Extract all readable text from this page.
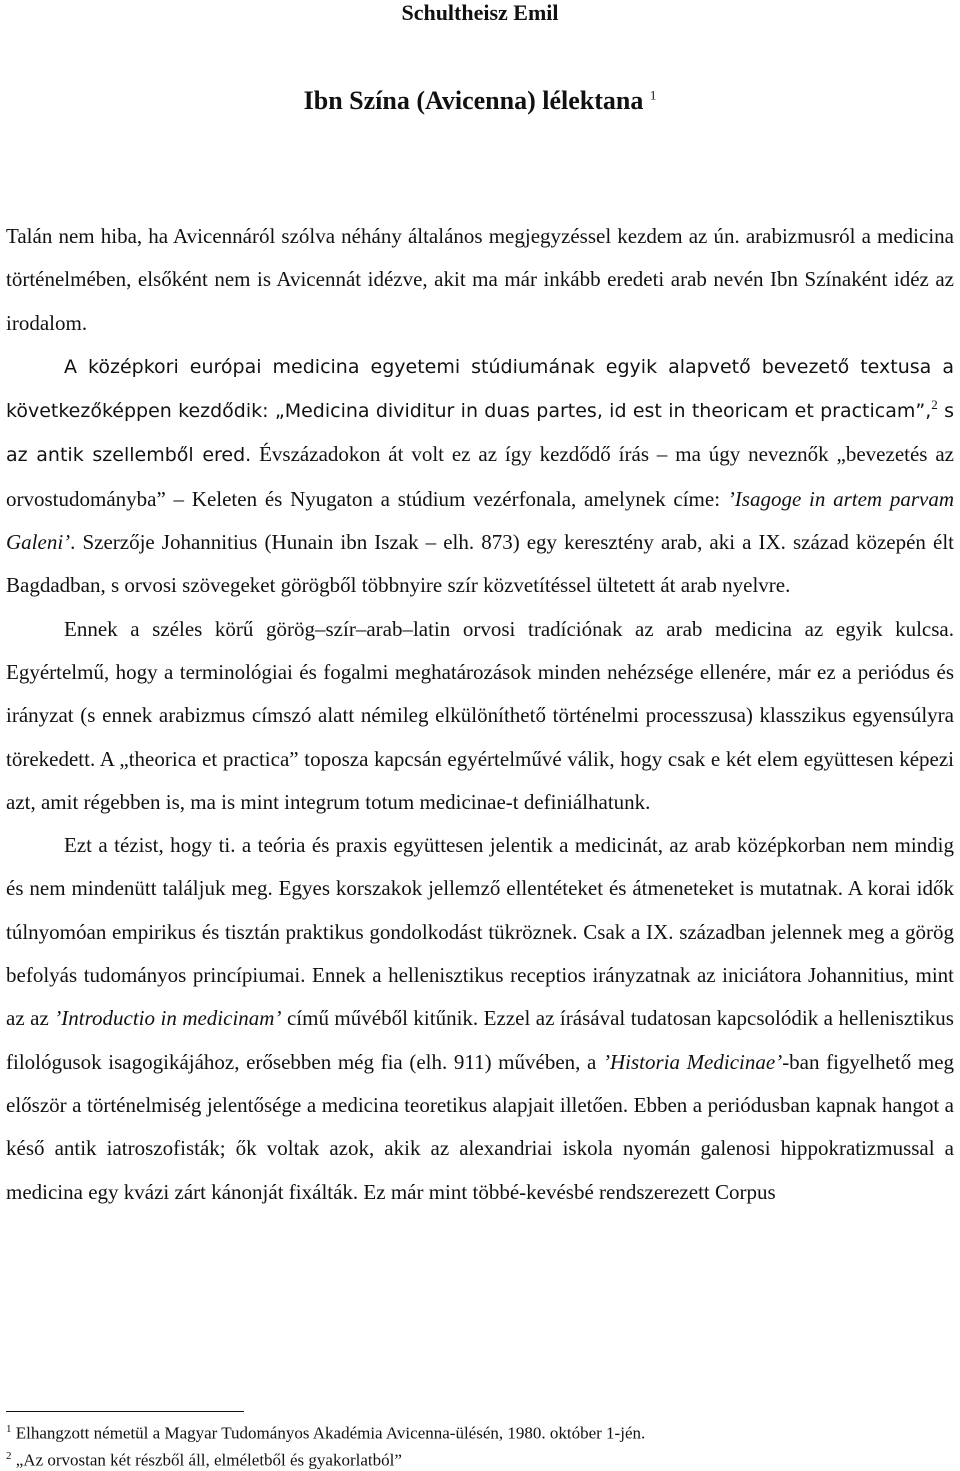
Schultheisz Emil
Ibn Szína (Avicenna) lélektana $^1$

Talán nem hiba, ha Avicennáról szólva néhány általános megjegyzéssel kezdem az ún. arabizmusról a medicina történelmében, elsőként nem is Avicennát idézve, akit ma már inkább eredeti arab nevén Ibn Színaként idéz az irodalom.

A középkori európai medicina egyetemi stúdiumának egyik alapvető bevezető textusa a következőképpen kezdődik: „Medicina dividitur in duas partes, id est in theoricam et practicam”,$^2$ s az antik szellemből ered. Évszázadokon át volt ez az így kezdődő írás – ma úgy neveznők „bevezetés az orvostudományba” – Keleten és Nyugaton a stúdium vezérfonala, amelynek címe: ’Isagoge in artem parvam Galeni’. Szerzője Johannitius (Hunain ibn Iszak – elh. 873) egy keresztény arab, aki a IX. század közepén élt Bagdadban, s orvosi szövegeket görögből többnyire szír közvetítéssel ültetett át arab nyelvre.

Ennek a széles körű görög–szír–arab–latin orvosi tradíciónak az arab medicina az egyik kulcsa. Egyértelmű, hogy a terminológiai és fogalmi meghatározások minden nehézsége ellenére, már ez a periódus és irányzat (s ennek arabizmus címszó alatt némileg elkülöníthető történelmi processzusa) klasszikus egyensúlyra törekedett. A „theorica et practica” toposza kapcsán egyértelművé válik, hogy csak e két elem együttesen képezi azt, amit régebben is, ma is mint integrum totum medicinae-t definiálhatunk.

Ezt a tézist, hogy ti. a teória és praxis együttesen jelentik a medicinát, az arab középkorban nem mindig és nem mindenütt találjuk meg. Egyes korszakok jellemző ellentéteket és átmeneteket is mutatnak. A korai idők túlnyomóan empirikus és tisztán praktikus gondolkodást tükröznek. Csak a IX. században jelennek meg a görög befolyás tudományos princípiumai. Ennek a hellenisztikus receptios irányzatnak az iniciátora Johannitius, mint az az ’Introductio in medicinam’ című művéből kitűnik. Ezzel az írásával tudatosan kapcsolódik a hellenisztikus filológusok isagogikájához, erősebben még fia (elh. 911) művében, a ’Historia Medicinae’-ban figyelhető meg először a történelmiség jelentősége a medicina teoretikus alapjait illetően. Ebben a periódusban kapnak hangot a késő antik iatroszofisták; ők voltak azok, akik az alexandriai iskola nyomán galenosi hippokratizmussal a medicina egy kvázi zárt kánonját fixálták. Ez már mint többé-kevésbé rendszerezett Corpus

$^1$ Elhangzott németül a Magyar Tudományos Akadémia Avicenna-ülésén, 1980. október 1-jén.

$^2$ „Az orvostan két részből áll, elméletből és gyakorlatból”
